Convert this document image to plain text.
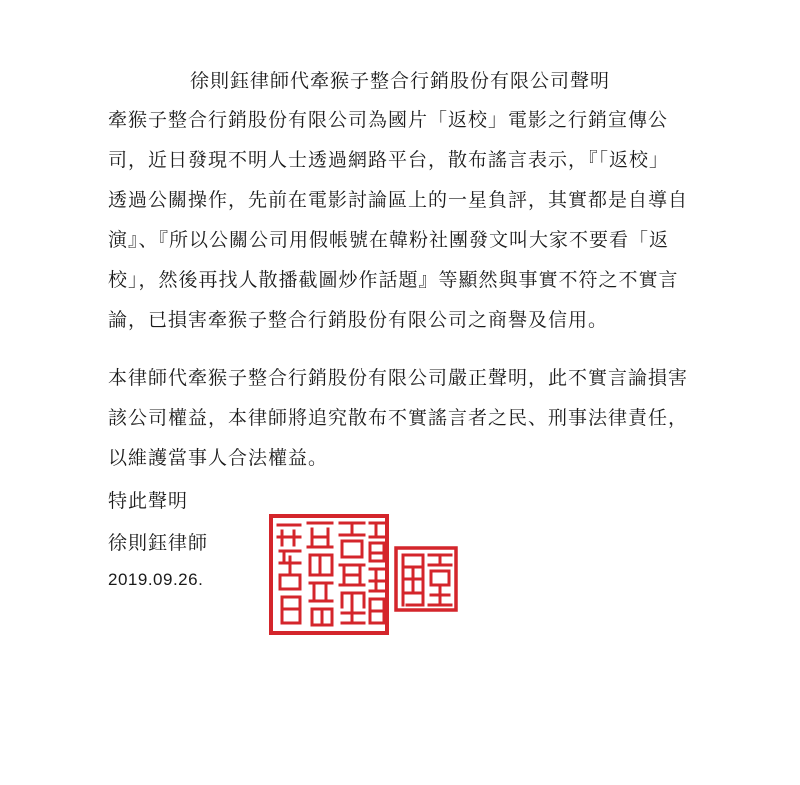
徐則鈺律師代牽猴子整合行銷股份有限公司聲明
牽猴子整合行銷股份有限公司為國片「返校」電影之行銷宣傳公
司，近日發現不明人士透過網路平台，散布謠言表示，『「返校」
透過公關操作，先前在電影討論區上的一星負評，其實都是自導自
演』、『所以公關公司用假帳號在韓粉社團發文叫大家不要看「返
校」，然後再找人散播截圖炒作話題』等顯然與事實不符之不實言
論，已損害牽猴子整合行銷股份有限公司之商譽及信用。
本律師代牽猴子整合行銷股份有限公司嚴正聲明，此不實言論損害
該公司權益，本律師將追究散布不實謠言者之民、刑事法律責任，
以維護當事人合法權益。
特此聲明
徐則鈺律師
2019.09.26.
